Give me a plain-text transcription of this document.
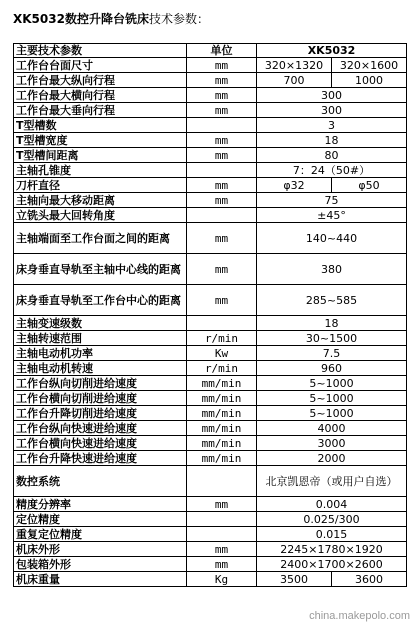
XK5032数控升降台铣床技术参数：
主要技术参数	单位	XK5032	
工作台台面尺寸	mm	320×1320	320×1600
工作台最大纵向行程	mm	700	1000
工作台最大横向行程	mm	300	
工作台最大垂向行程	mm	300	
T型槽数		3	
T型槽宽度	mm	18	
T型槽间距离	mm	80	
主轴孔锥度		7：24（50#）	
刀杆直径	mm	φ32	φ50
主轴向最大移动距离	mm	75	
立铣头最大回转角度		±45°	
主轴端面至工作台面之间的距离	mm	140~440	
床身垂直导轨至主轴中心线的距离	mm	380	
床身垂直导轨至工作台中心的距离	mm	285~585	
主轴变速级数		18	
主轴转速范围	r/min	30~1500	
主轴电动机功率	Kw	7.5	
主轴电动机转速	r/min	960	
工作台纵向切削进给速度	mm/min	5~1000	
工作台横向切削进给速度	mm/min	5~1000	
工作台升降切削进给速度	mm/min	5~1000	
工作台纵向快速进给速度	mm/min	4000	
工作台横向快速进给速度	mm/min	3000	
工作台升降快速进给速度	mm/min	2000	
数控系统		北京凯恩帝（或用户自选）	
精度分辨率	mm	0.004	
定位精度		0.025/300	
重复定位精度		0.015	
机床外形	mm	2245×1780×1920	
包装箱外形	mm	2400×1700×2600	
机床重量	Kg	3500	3600
china.makepolo.com
